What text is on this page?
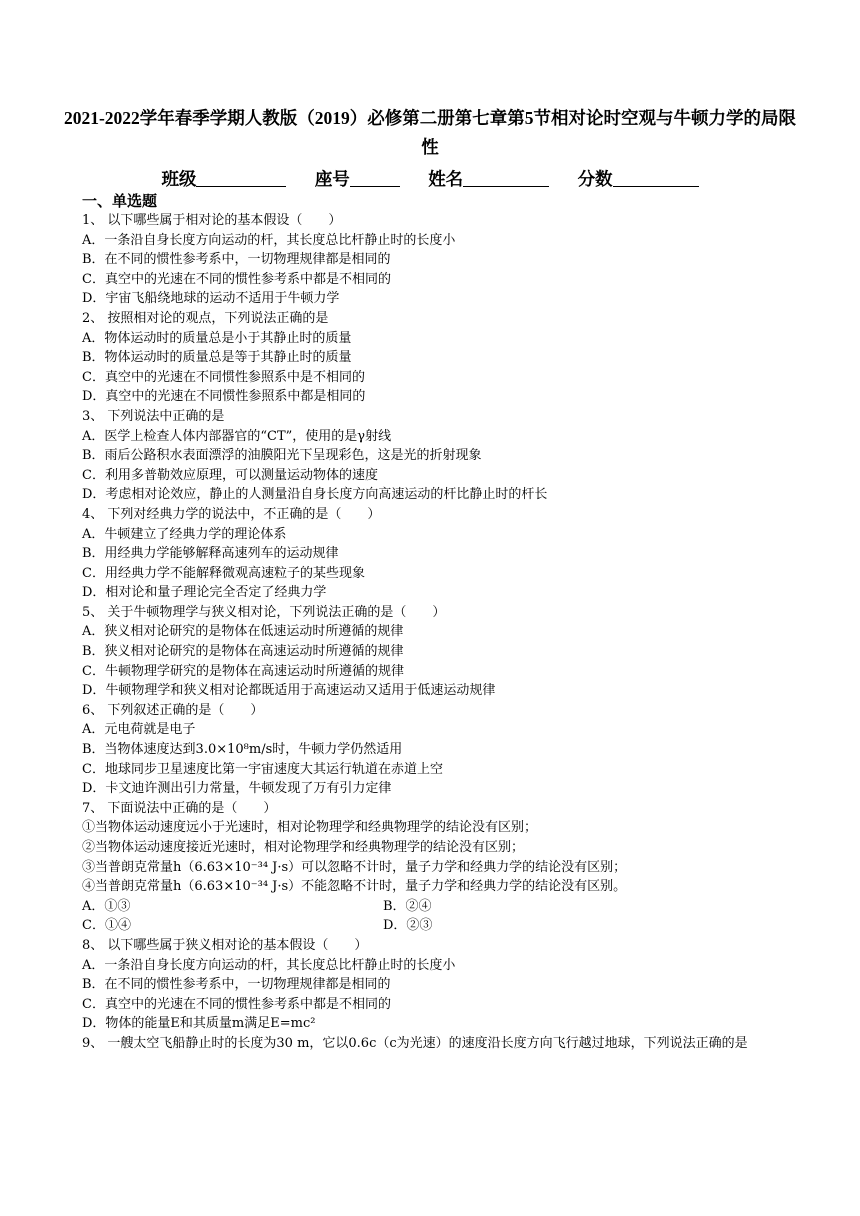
2021-2022学年春季学期人教版（2019）必修第二册第七章第5节相对论时空观与牛顿力学的局限性
班级	座号	姓名	分数
一、单选题
1、 以下哪些属于相对论的基本假设（　　）
A．一条沿自身长度方向运动的杆，其长度总比杆静止时的长度小
B．在不同的惯性参考系中，一切物理规律都是相同的
C．真空中的光速在不同的惯性参考系中都是不相同的
D．宇宙飞船绕地球的运动不适用于牛顿力学
2、 按照相对论的观点，下列说法正确的是
A．物体运动时的质量总是小于其静止时的质量
B．物体运动时的质量总是等于其静止时的质量
C．真空中的光速在不同惯性参照系中是不相同的
D．真空中的光速在不同惯性参照系中都是相同的
3、 下列说法中正确的是
A．医学上检查人体内部器官的“CT”，使用的是γ射线
B．雨后公路积水表面漂浮的油膜阳光下呈现彩色，这是光的折射现象
C．利用多普勒效应原理，可以测量运动物体的速度
D．考虑相对论效应，静止的人测量沿自身长度方向高速运动的杆比静止时的杆长
4、 下列对经典力学的说法中，不正确的是（　　）
A．牛顿建立了经典力学的理论体系
B．用经典力学能够解释高速列车的运动规律
C．用经典力学不能解释微观高速粒子的某些现象
D．相对论和量子理论完全否定了经典力学
5、 关于牛顿物理学与狭义相对论，下列说法正确的是（　　）
A．狭义相对论研究的是物体在低速运动时所遵循的规律
B．狭义相对论研究的是物体在高速运动时所遵循的规律
C．牛顿物理学研究的是物体在高速运动时所遵循的规律
D．牛顿物理学和狭义相对论都既适用于高速运动又适用于低速运动规律
6、 下列叙述正确的是（　　）
A．元电荷就是电子
B．当物体速度达到3.0×10⁸m/s时，牛顿力学仍然适用
C．地球同步卫星速度比第一宇宙速度大其运行轨道在赤道上空
D．卡文迪许测出引力常量，牛顿发现了万有引力定律
7、 下面说法中正确的是（　　）
①当物体运动速度远小于光速时，相对论物理学和经典物理学的结论没有区别；
②当物体运动速度接近光速时，相对论物理学和经典物理学的结论没有区别；
③当普朗克常量h（6.63×10⁻³⁴ J·s）可以忽略不计时，量子力学和经典力学的结论没有区别；
④当普朗克常量h（6.63×10⁻³⁴ J·s）不能忽略不计时，量子力学和经典力学的结论没有区别。
A．①③	B．②④
C．①④	D．②③
8、 以下哪些属于狭义相对论的基本假设（　　）
A．一条沿自身长度方向运动的杆，其长度总比杆静止时的长度小
B．在不同的惯性参考系中，一切物理规律都是相同的
C．真空中的光速在不同的惯性参考系中都是不相同的
D．物体的能量E和其质量m满足E=mc²
9、 一艘太空飞船静止时的长度为30 m，它以0.6c（c为光速）的速度沿长度方向飞行越过地球，下列说法正确的是
